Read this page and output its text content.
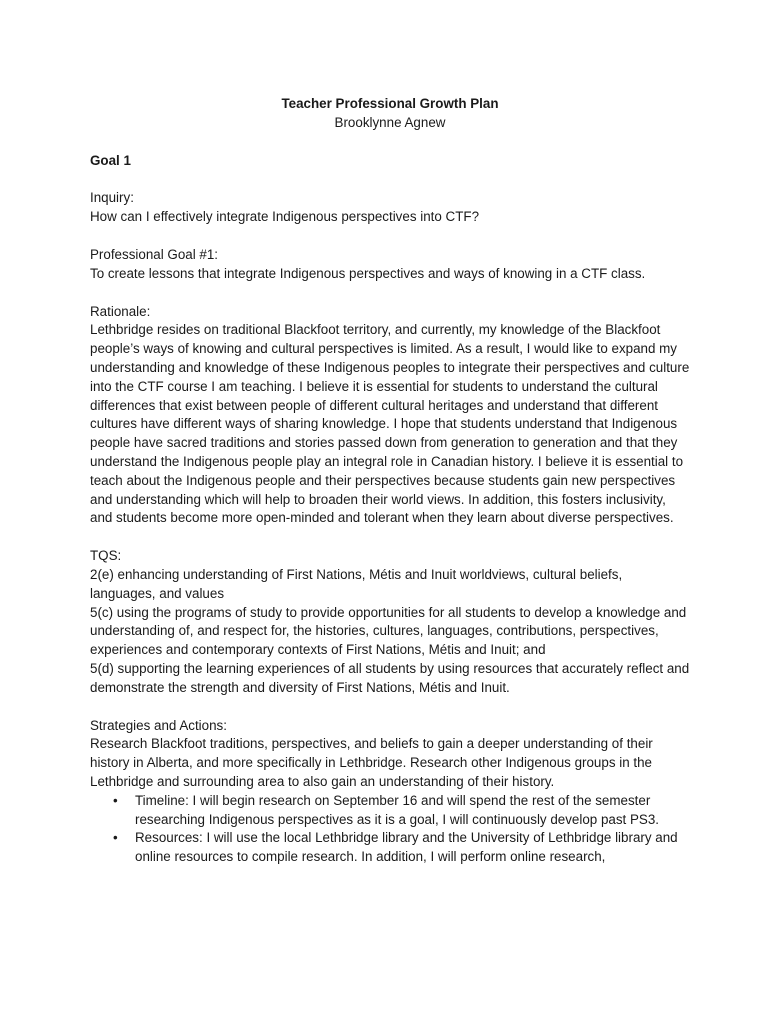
Teacher Professional Growth Plan

Brooklynne Agnew

Goal 1

Inquiry:

How can I effectively integrate Indigenous perspectives into CTF?

Professional Goal #1:

To create lessons that integrate Indigenous perspectives and ways of knowing in a CTF class.

Rationale:

Lethbridge resides on traditional Blackfoot territory, and currently, my knowledge of the Blackfoot people’s ways of knowing and cultural perspectives is limited. As a result, I would like to expand my understanding and knowledge of these Indigenous peoples to integrate their perspectives and culture into the CTF course I am teaching. I believe it is essential for students to understand the cultural differences that exist between people of different cultural heritages and understand that different cultures have different ways of sharing knowledge. I hope that students understand that Indigenous people have sacred traditions and stories passed down from generation to generation and that they understand the Indigenous people play an integral role in Canadian history. I believe it is essential to teach about the Indigenous people and their perspectives because students gain new perspectives and understanding which will help to broaden their world views. In addition, this fosters inclusivity, and students become more open-minded and tolerant when they learn about diverse perspectives.

TQS:

2(e) enhancing understanding of First Nations, Métis and Inuit worldviews, cultural beliefs, languages, and values

5(c) using the programs of study to provide opportunities for all students to develop a knowledge and understanding of, and respect for, the histories, cultures, languages, contributions, perspectives, experiences and contemporary contexts of First Nations, Métis and Inuit; and

5(d) supporting the learning experiences of all students by using resources that accurately reflect and demonstrate the strength and diversity of First Nations, Métis and Inuit.

Strategies and Actions:

Research Blackfoot traditions, perspectives, and beliefs to gain a deeper understanding of their history in Alberta, and more specifically in Lethbridge. Research other Indigenous groups in the Lethbridge and surrounding area to also gain an understanding of their history.

• Timeline: I will begin research on September 16 and will spend the rest of the semester researching Indigenous perspectives as it is a goal, I will continuously develop past PS3.
• Resources: I will use the local Lethbridge library and the University of Lethbridge library and online resources to compile research. In addition, I will perform online research,
